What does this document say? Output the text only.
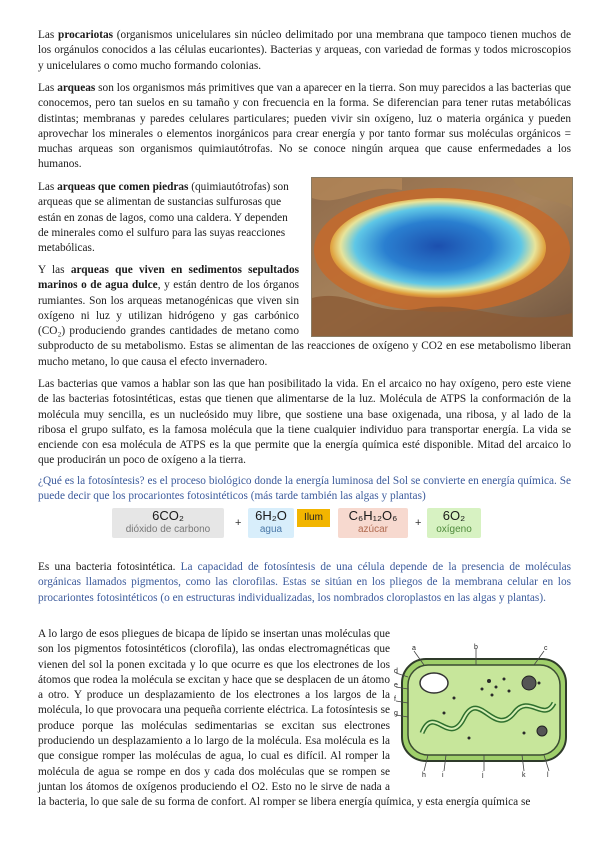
Las procariotas (organismos unicelulares sin núcleo delimitado por una membrana que tampoco tienen muchos de los orgánulos conocidos a las células eucariontes). Bacterias y arqueas, con variedad de formas y todos microscopios y unicelulares o como mucho formando colonias.

Las arqueas son los organismos más primitives que van a aparecer en la tierra. Son muy parecidos a las bacterias que conocemos, pero tan suelos en su tamaño y con frecuencia en la forma. Se diferencian para tener rutas metabólicas distintas; membranas y paredes celulares particulares; pueden vivir sin oxígeno, luz o materia orgánica y pueden aprovechar los minerales o elementos inorgánicos para crear energía y por tanto formar sus moléculas orgánicos = muchas arqueas son organismos quimiautótrofas. No se conoce ningún arquea que cause enfermedades a los humanos.

Las arqueas que comen piedras (quimiautótrofas) son arqueas que se alimentan de sustancias sulfurosas que están en zonas de lagos, como una caldera. Y dependen de minerales como el sulfuro para las suyas reacciones metabólicas.

Y las arqueas que viven en sedimentos sepultados marinos o de agua dulce, y están dentro de los órganos rumiantes. Son los arqueas metanogénicas que viven sin oxígeno ni luz y utilizan hidrógeno y gas carbónico (CO₂) produciendo grandes cantidades de metano como subproducto de su metabolismo. Estas se alimentan de las reacciones de oxígeno y CO2 en ese metabolismo liberan mucho metano, lo que causa el efecto invernadero.

Las bacterias que vamos a hablar son las que han posibilitado la vida. En el arcaico no hay oxígeno, pero este viene de las bacterias fotosintéticas, estas que tienen que alimentarse de la luz. Molécula de ATPS la conformación de la molécula muy sencilla, es un nucleósido muy libre, que sostiene una base oxigenada, una ribosa, y al lado de la ribosa el grupo sulfato, es la famosa molécula que la tiene cualquier individuo para transportar energía. La vida se enciende con esa molécula de ATPS es la que permite que la energía química esté disponible. Mitad del arcaico lo que producirán un poco de oxígeno a la tierra.

¿Qué es la fotosíntesis? es el proceso biológico donde la energía luminosa del Sol se convierte en energía química. Se puede decir que los procariontes fotosintéticos (más tarde también las algas y plantas)

6CO₂
dióxido de carbono
+	6H₂O
agua
Ilum	C₆H₁₂O₆
azúcar
+	6O₂
oxígeno

Es una bacteria fotosintética. La capacidad de fotosíntesis de una célula depende de la presencia de moléculas orgánicas llamados pigmentos, como las clorofilas. Estas se sitúan en los pliegos de la membrana celular en los procariontes fotosintéticos (o en estructuras individualizadas, los nombrados cloroplastos en las algas y plantas).

A lo largo de esos pliegues de bicapa de lípido se insertan unas moléculas que son los pigmentos fotosintéticos (clorofila), las ondas electromagnéticas que vienen del sol la ponen excitada y lo que ocurre es que los electrones de los átomos que rodea la molécula se excitan y hace que se desplacen de un átomo a otro. Y produce un desplazamiento de los electrones a los largos de la molécula, lo que provocara una pequeña corriente eléctrica. La fotosíntesis se produce porque las moléculas sedimentarias se excitan sus electrones produciendo un desplazamiento a lo largo de la molécula. Esa molécula es la que consigue romper las moléculas de agua, lo cual es difícil. Al romper la molécula de agua se rompe en dos y cada dos moléculas que se rompen se juntan los átomos de oxígenos produciendo el O2. Esto no le sirve de nada a la bacteria, lo que sale de su forma de confort. Al romper se libera energía química, y esta energía química se

a	b	c
d
e
f
g
h i	j	k	l
